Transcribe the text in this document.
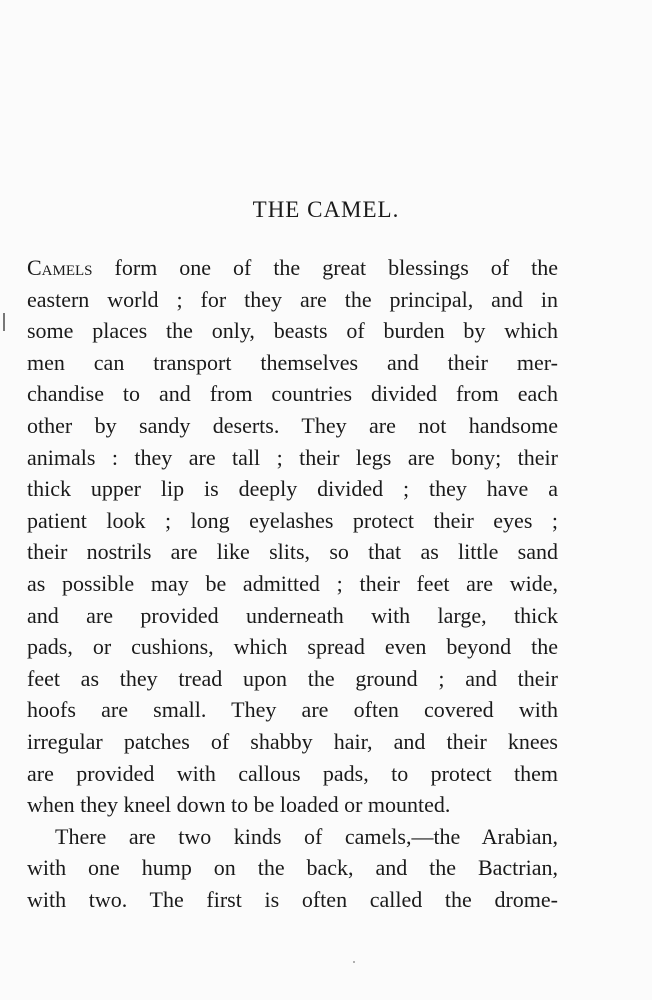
THE CAMEL.
Camels form one of the great blessings of the
eastern world ; for they are the principal, and in
some places the only, beasts of burden by which
men can transport themselves and their mer-
chandise to and from countries divided from each
other by sandy deserts. They are not handsome
animals : they are tall ; their legs are bony; their
thick upper lip is deeply divided ; they have a
patient look ; long eyelashes protect their eyes ;
their nostrils are like slits, so that as little sand
as possible may be admitted ; their feet are wide,
and are provided underneath with large, thick
pads, or cushions, which spread even beyond the
feet as they tread upon the ground ; and their
hoofs are small. They are often covered with
irregular patches of shabby hair, and their knees
are provided with callous pads, to protect them
when they kneel down to be loaded or mounted.
There are two kinds of camels,—the Arabian,
with one hump on the back, and the Bactrian,
with two. The first is often called the drome-
